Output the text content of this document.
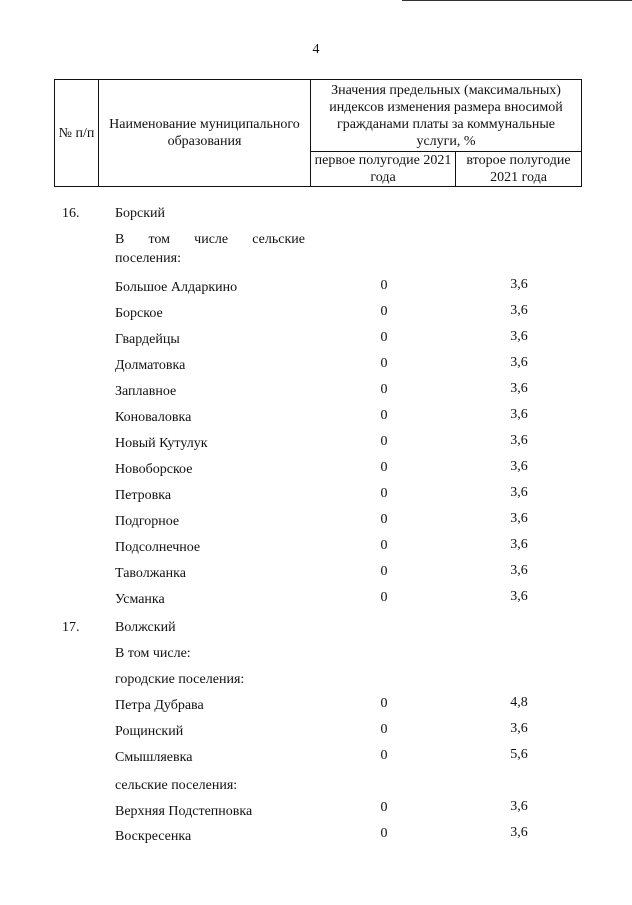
4
№ п/п	Наименование муниципального образования	Значения предельных (максимальных) индексов изменения размера вносимой гражданами платы за коммунальные услуги, %	
		первое полугодие 2021 года	второе полугодие 2021 года
16.	Борский
В том числе сельские
поселения:
Большое Алдаркино	0	3,6
Борское	0	3,6
Гвардейцы	0	3,6
Долматовка	0	3,6
Заплавное	0	3,6
Коноваловка	0	3,6
Новый Кутулук	0	3,6
Новоборское	0	3,6
Петровка	0	3,6
Подгорное	0	3,6
Подсолнечное	0	3,6
Таволжанка	0	3,6
Усманка	0	3,6
17.	Волжский
В том числе:
городские поселения:
Петра Дубрава	0	4,8
Рощинский	0	3,6
Смышляевка	0	5,6
сельские поселения:
Верхняя Подстепновка	0	3,6
Воскресенка	0	3,6
